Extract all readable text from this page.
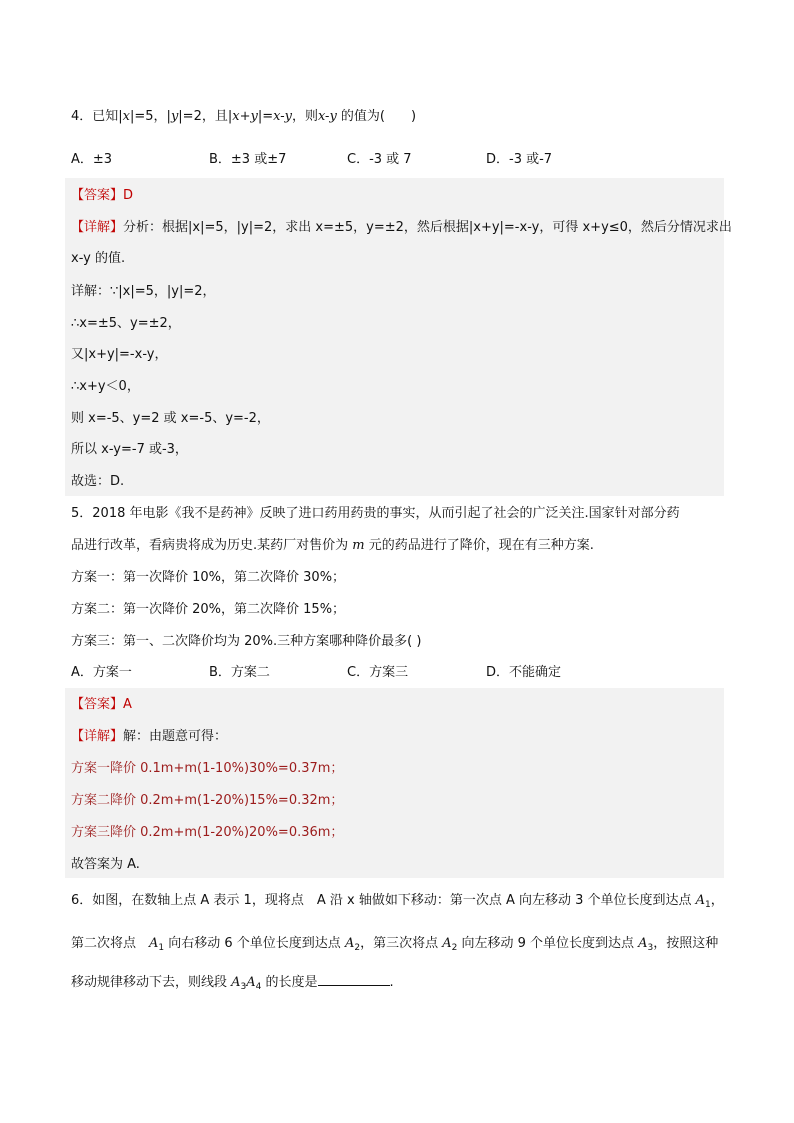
4．已知|x|=5，|y|=2，且|x+y|=x-y，则x-y 的值为(　　)
A．±3	B．±3 或±7	C．-3 或 7	D．-3 或-7
【答案】D
【详解】分析：根据|x|=5，|y|=2，求出 x=±5，y=±2，然后根据|x+y|=-x-y，可得 x+y≤0，然后分情况求出
x-y 的值.
详解：∵|x|=5，|y|=2，
∴x=±5、y=±2，
又|x+y|=-x-y，
∴x+y＜0，
则 x=-5、y=2 或 x=-5、y=-2，
所以 x-y=-7 或-3，
故选：D.
5．2018 年电影《我不是药神》反映了进口药用药贵的事实，从而引起了社会的广泛关注.国家针对部分药
品进行改革，看病贵将成为历史.某药厂对售价为 m 元的药品进行了降价，现在有三种方案.
方案一：第一次降价 10%，第二次降价 30%；
方案二：第一次降价 20%，第二次降价 15%；
方案三：第一、二次降价均为 20%.三种方案哪种降价最多( )
A．方案一	B．方案二	C．方案三	D．不能确定
【答案】A
【详解】解：由题意可得：
方案一降价 0.1m+m(1-10%)30%=0.37m；
方案二降价 0.2m+m(1-20%)15%=0.32m；
方案三降价 0.2m+m(1-20%)20%=0.36m；
故答案为 A.
6．如图，在数轴上点 A 表示 1，现将点　A 沿 x 轴做如下移动：第一次点 A 向左移动 3 个单位长度到达点 $A_1$，
第二次将点　$A_1$ 向右移动 6 个单位长度到达点 $A_2$，第三次将点 $A_2$ 向左移动 9 个单位长度到达点 $A_3$，按照这种
移动规律移动下去，则线段 $A_3A_4$ 的长度是	.
